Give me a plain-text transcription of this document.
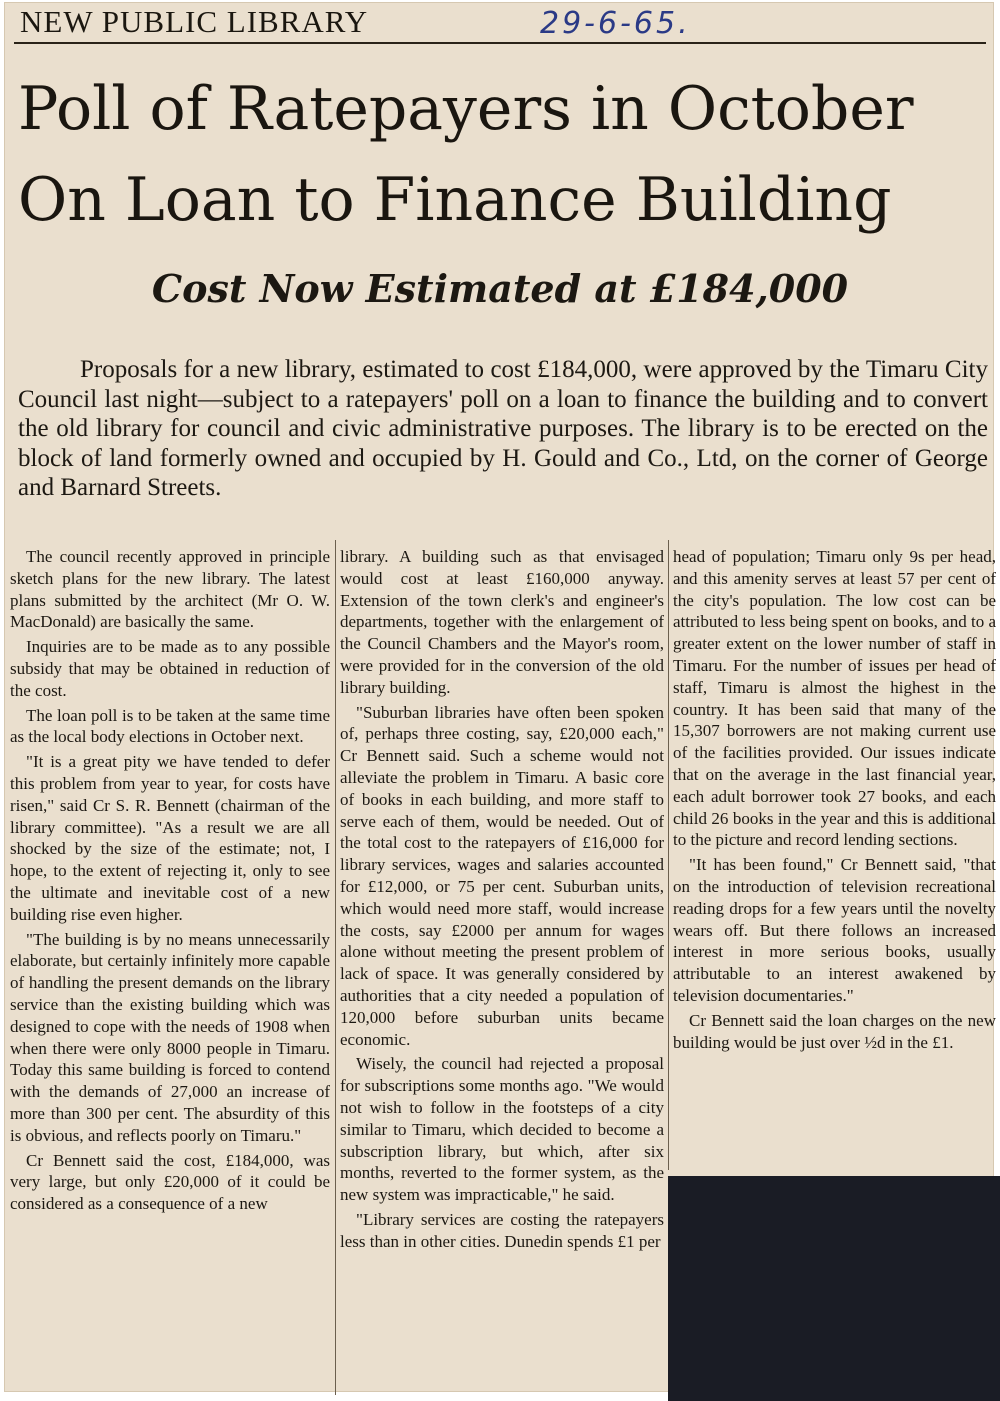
NEW PUBLIC LIBRARY	29-6-65.
Poll of Ratepayers in October
On Loan to Finance Building
Cost Now Estimated at £184,000
Proposals for a new library, estimated to cost £184,000, were approved by the Timaru City Council last night—subject to a ratepayers' poll on a loan to finance the building and to convert the old library for council and civic administrative purposes. The library is to be erected on the block of land formerly owned and occupied by H. Gould and Co., Ltd, on the corner of George and Barnard Streets.

The council recently approved in principle sketch plans for the new library. The latest plans submitted by the architect (Mr O. W. MacDonald) are basically the same.

Inquiries are to be made as to any possible subsidy that may be obtained in reduction of the cost.

The loan poll is to be taken at the same time as the local body elections in October next.

"It is a great pity we have tended to defer this problem from year to year, for costs have risen," said Cr S. R. Bennett (chairman of the library committee). "As a result we are all shocked by the size of the estimate; not, I hope, to the extent of rejecting it, only to see the ultimate and inevitable cost of a new building rise even higher.

"The building is by no means unnecessarily elaborate, but certainly infinitely more capable of handling the present demands on the library service than the existing building which was designed to cope with the needs of 1908 when when there were only 8000 people in Timaru. Today this same building is forced to contend with the demands of 27,000 an increase of more than 300 per cent. The absurdity of this is obvious, and reflects poorly on Timaru."

Cr Bennett said the cost, £184,000, was very large, but only £20,000 of it could be considered as a consequence of a new

library. A building such as that envisaged would cost at least £160,000 anyway. Extension of the town clerk's and engineer's departments, together with the enlargement of the Council Chambers and the Mayor's room, were provided for in the conversion of the old library building.

"Suburban libraries have often been spoken of, perhaps three costing, say, £20,000 each," Cr Bennett said. Such a scheme would not alleviate the problem in Timaru. A basic core of books in each building, and more staff to serve each of them, would be needed. Out of the total cost to the ratepayers of £16,000 for library services, wages and salaries accounted for £12,000, or 75 per cent. Suburban units, which would need more staff, would increase the costs, say £2000 per annum for wages alone without meeting the present problem of lack of space. It was generally considered by authorities that a city needed a population of 120,000 before suburban units became economic.

Wisely, the council had rejected a proposal for subscriptions some months ago. "We would not wish to follow in the footsteps of a city similar to Timaru, which decided to become a subscription library, but which, after six months, reverted to the former system, as the new system was impracticable," he said.

"Library services are costing the ratepayers less than in other cities. Dunedin spends £1 per

head of population; Timaru only 9s per head, and this amenity serves at least 57 per cent of the city's population. The low cost can be attributed to less being spent on books, and to a greater extent on the lower number of staff in Timaru. For the number of issues per head of staff, Timaru is almost the highest in the country. It has been said that many of the 15,307 borrowers are not making current use of the facilities provided. Our issues indicate that on the average in the last financial year, each adult borrower took 27 books, and each child 26 books in the year and this is additional to the picture and record lending sections.

"It has been found," Cr Bennett said, "that on the introduction of television recreational reading drops for a few years until the novelty wears off. But there follows an increased interest in more serious books, usually attributable to an interest awakened by television documentaries."

Cr Bennett said the loan charges on the new building would be just over ½d in the £1.
